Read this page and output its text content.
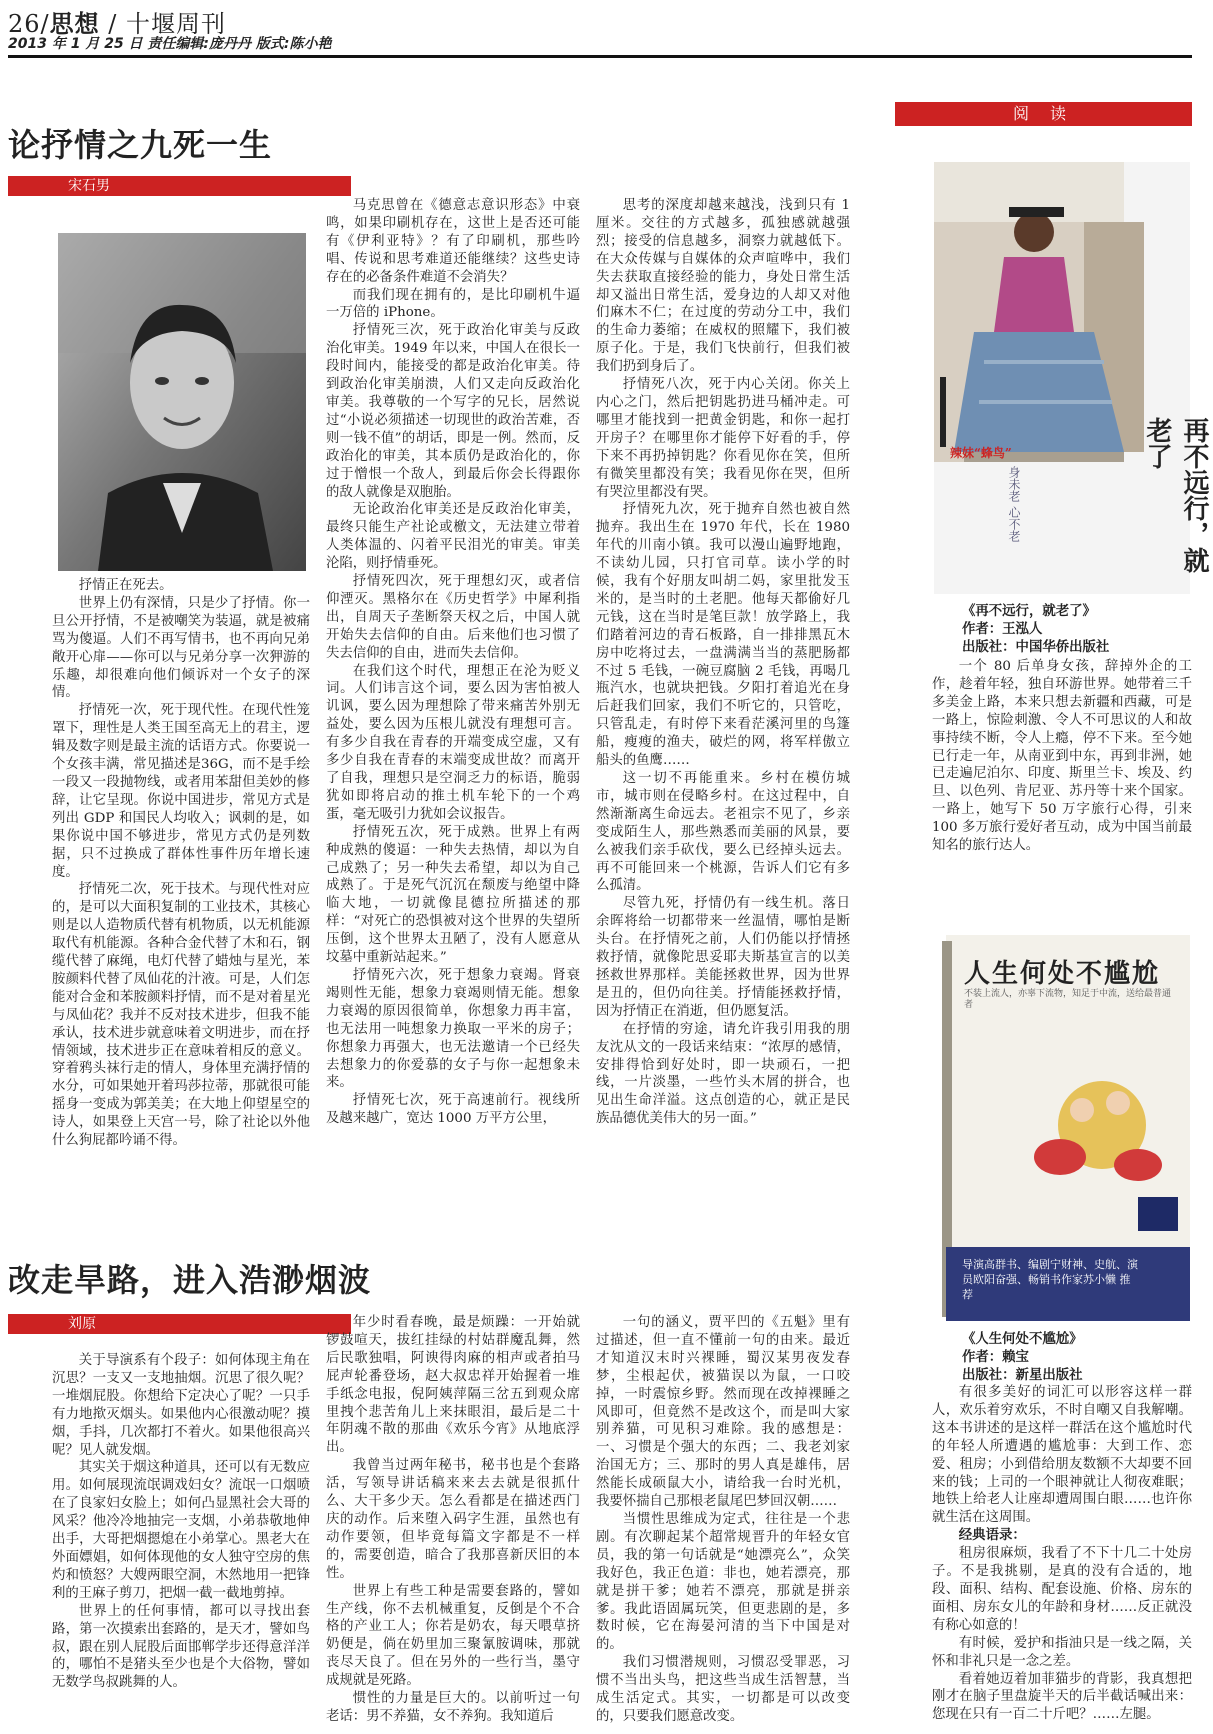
26/思想 / 十堰周刊
2013 年 1 月 25 日 责任编辑:庞丹丹 版式:陈小艳
论抒情之九死一生
宋石男

抒情正在死去。

世界上仍有深情，只是少了抒情。你一旦公开抒情，不是被嘲笑为装逼，就是被痛骂为傻逼。人们不再写情书，也不再向兄弟敞开心扉——你可以与兄弟分享一次狎游的乐趣，却很难向他们倾诉对一个女子的深情。

抒情死一次，死于现代性。在现代性笼罩下，理性是人类王国至高无上的君主，逻辑及数字则是最主流的话语方式。你要说一个女孩丰满，常见描述是36G，而不是手绘一段又一段抛物线，或者用苯甜但美妙的修辞，让它呈现。你说中国进步，常见方式是列出 GDP 和国民人均收入；讽刺的是，如果你说中国不够进步，常见方式仍是列数据，只不过换成了群体性事件历年增长速度。

抒情死二次，死于技术。与现代性对应的，是可以大面积复制的工业技术，其核心则是以人造物质代替有机物质，以无机能源取代有机能源。各种合金代替了木和石，钢缆代替了麻绳，电灯代替了蜡烛与星光，苯胺颜料代替了凤仙花的汁液。可是，人们怎能对合金和苯胺颜料抒情，而不是对着星光与凤仙花？我并不反对技术进步，但我不能承认，技术进步就意味着文明进步，而在抒情领域，技术进步正在意味着相反的意义。穿着鸦头袜行走的情人，身体里充满抒情的水分，可如果她开着玛莎拉蒂，那就很可能摇身一变成为郭美美；在大地上仰望星空的诗人，如果登上天宫一号，除了社论以外他什么狗屁都吟诵不得。

马克思曾在《德意志意识形态》中衰鸣，如果印刷机存在，这世上是否还可能有《伊利亚特》？有了印刷机，那些吟唱、传说和思考难道还能继续？这些史诗存在的必备条件难道不会消失？

而我们现在拥有的，是比印刷机牛逼一万倍的 iPhone。

抒情死三次，死于政治化审美与反政治化审美。1949 年以来，中国人在很长一段时间内，能接受的都是政治化审美。待到政治化审美崩溃，人们又走向反政治化审美。我尊敬的一个写字的兄长，居然说过“小说必须描述一切现世的政治苦难，否则一钱不值”的胡话，即是一例。然而，反政治化的审美，其本质仍是政治化的，你过于憎恨一个敌人，到最后你会长得跟你的敌人就像是双胞胎。

无论政治化审美还是反政治化审美，最终只能生产社论或檄文，无法建立带着人类体温的、闪着平民泪光的审美。审美沦陷，则抒情垂死。

抒情死四次，死于理想幻灭，或者信仰湮灭。黑格尔在《历史哲学》中犀利指出，自周天子垄断祭天权之后，中国人就开始失去信仰的自由。后来他们也习惯了失去信仰的自由，进而失去信仰。

在我们这个时代，理想正在沦为贬义词。人们讳言这个词，要么因为害怕被人讥讽，要么因为理想除了带来痛苦外别无益处，要么因为压根儿就没有理想可言。有多少自我在青春的开端变成空虚，又有多少自我在青春的末端变成世故？而离开了自我，理想只是空洞乏力的标语，脆弱犹如即将启动的推土机车轮下的一个鸡蛋，毫无吸引力犹如会议报告。

抒情死五次，死于成熟。世界上有两种成熟的傻逼：一种失去热情，却以为自己成熟了；另一种失去希望，却以为自己成熟了。于是死气沉沉在颓废与绝望中降临大地，一切就像昆德拉所描述的那样：“对死亡的恐惧被对这个世界的失望所压倒，这个世界太丑陋了，没有人愿意从坟墓中重新站起来。”

抒情死六次，死于想象力衰竭。肾衰竭则性无能，想象力衰竭则情无能。想象力衰竭的原因很简单，你想象力再丰富，也无法用一吨想象力换取一平米的房子；你想象力再强大，也无法邀请一个已经失去想象力的你爱慕的女子与你一起想象未来。

抒情死七次，死于高速前行。视线所及越来越广，宽达 1000 万平方公里，

思考的深度却越来越浅，浅到只有 1 厘米。交往的方式越多，孤独感就越强烈；接受的信息越多，洞察力就越低下。在大众传媒与自媒体的众声喧哗中，我们失去获取直接经验的能力，身处日常生活却又溢出日常生活，爱身边的人却又对他们麻木不仁；在过度的劳动分工中，我们的生命力萎缩；在威权的照耀下，我们被原子化。于是，我们飞快前行，但我们被我们扔到身后了。

抒情死八次，死于内心关闭。你关上内心之门，然后把钥匙扔进马桶冲走。可哪里才能找到一把黄金钥匙，和你一起打开房子？在哪里你才能停下好看的手，停下来不再扔掉钥匙？你看见你在笑，但所有微笑里都没有笑；我看见你在哭，但所有哭泣里都没有哭。

抒情死九次，死于抛弃自然也被自然抛弃。我出生在 1970 年代，长在 1980 年代的川南小镇。我可以漫山遍野地跑，不读幼儿园，只打官司草。读小学的时候，我有个好朋友叫胡二妈，家里批发玉米的，是当时的土老肥。他每天都偷好几元钱，这在当时是笔巨款！放学路上，我们踏着河边的青石板路，自一排排黑瓦木房中吃将过去，一盘满满当当的蒸肥肠都不过 5 毛钱，一碗豆腐脑 2 毛钱，再喝几瓶汽水，也就块把钱。夕阳打着追光在身后赶我们回家，我们不听它的，只管吃，只管乱走，有时停下来看茫溪河里的鸟篷船，瘦瘦的渔夫，破烂的网，将军样傲立船头的鱼鹰……

这一切不再能重来。乡村在模仿城市，城市则在侵略乡村。在这过程中，自然渐渐离生命远去。老祖宗不见了，乡亲变成陌生人，那些熟悉而美丽的风景，要么被我们亲手砍伐，要么已经掉头远去。再不可能回来一个桃源，告诉人们它有多么孤清。

尽管九死，抒情仍有一线生机。落日余晖将给一切都带来一丝温情，哪怕是断头台。在抒情死之前，人们仍能以抒情拯救抒情，就像陀思妥耶夫斯基宣言的以美拯救世界那样。美能拯救世界，因为世界是丑的，但仍向往美。抒情能拯救抒情，因为抒情正在消逝，但仍愿复活。

在抒情的穷途，请允许我引用我的朋友沈从文的一段话来结束：“浓厚的感情，安排得恰到好处时，即一块顽石，一把线，一片淡墨，一些竹头木屑的拼合，也见出生命洋溢。这点创造的心，就正是民族品德优美伟大的另一面。”

改走旱路，进入浩渺烟波
刘原

关于导演系有个段子：如何体现主角在沉思？一支又一支地抽烟。沉思了很久呢？一堆烟屁股。你想给下定决心了呢？一只手有力地揿灭烟头。如果他内心很激动呢？摸烟，手抖，几次都打不着火。如果他很高兴呢？见人就发烟。

其实关于烟这种道具，还可以有无数应用。如何展现流氓调戏妇女？流氓一口烟喷在了良家妇女脸上；如何凸显黑社会大哥的风采？他冷冷地抽完一支烟，小弟恭敬地伸出手，大哥把烟摁熄在小弟掌心。黑老大在外面嫖娼，如何体现他的女人独守空房的焦灼和愤怒？大嫂两眼空洞，木然地用一把锋利的王麻子剪刀，把烟一截一截地剪掉。

世界上的任何事情，都可以寻找出套路，第一次摸索出套路的，是天才，譬如鸟叔，跟在别人屁股后面邯郸学步还得意洋洋的，哪怕不是猪头至少也是个大俗物，譬如无数学鸟叔跳舞的人。

年少时看春晚，最是烦躁：一开始就锣鼓喧天，拔红挂绿的村姑群魔乱舞，然后民歌独唱，阿谀得肉麻的相声或者拍马屁声轮番登场，赵大叔忠祥开始握着一堆手纸念电报，倪阿姨萍隔三岔五到观众席里拽个悲苦角儿上来抹眼泪，最后是二十年阴魂不散的那曲《欢乐今宵》从地底浮出。

我曾当过两年秘书，秘书也是个套路活，写领导讲话稿来来去去就是很抓什么、大干多少天。怎么看都是在描述西门庆的动作。后来堕入码字生涯，虽然也有动作要领，但毕竟每篇文字都是不一样的，需要创造，暗合了我那喜新厌旧的本性。

世界上有些工种是需要套路的，譬如生产线，你不去机械重复，反倒是个不合格的产业工人；你若是奶农，每天喂草挤奶便是，倘在奶里加三聚氰胺调味，那就丧尽天良了。但在另外的一些行当，墨守成规就是死路。

惯性的力量是巨大的。以前听过一句老话：男不养猫，女不养狗。我知道后

一句的涵义，贾平凹的《五魁》里有过描述，但一直不懂前一句的由来。最近才知道汉末时兴裸睡，蜀汉某男夜发春梦，尘根起伏，被猫误以为鼠，一口咬掉，一时震惊乡野。然而现在改掉裸睡之风即可，但竟然不是改这个，而是叫大家别养猫，可见积习难除。我的感想是：一、习惯是个强大的东西；二、我老刘家治国无方；三、那时的男人真是雄伟，居然能长成硕鼠大小，请给我一台时光机，我要怀揣自己那根老鼠尾巴梦回汉朝……

当惯性思维成为定式，往往是一个悲剧。有次聊起某个超常规晋升的年轻女官员，我的第一句话就是“她漂亮么”，众笑我好色，我正色道：非也，她若漂亮，那就是拼干爹；她若不漂亮，那就是拼亲爹。我此语固属玩笑，但更悲剧的是，多数时候，它在海晏河清的当下中国是对的。

我们习惯潜规则，习惯忍受罪恶，习惯不当出头鸟，把这些当成生活智慧，当成生活定式。其实，一切都是可以改变的，只要我们愿意改变。

阅 读
辣妹“蜂鸟”
身未老 心不老	再不远行，就老了
《再不远行，就老了》
作者：王泓人
出版社：中国华侨出版社

一个 80 后单身女孩，辞掉外企的工作，趁着年轻，独自环游世界。她带着三千多美金上路，本来只想去新疆和西藏，可是一路上，惊险刺激、令人不可思议的人和故事持续不断，令人上瘾，停不下来。至今她已行走一年，从南亚到中东，再到非洲，她已走遍尼泊尔、印度、斯里兰卡、埃及、约旦、以色列、肯尼亚、苏丹等十来个国家。一路上，她写下 50 万字旅行心得，引来 100 多万旅行爱好者互动，成为中国当前最知名的旅行达人。

人生何处不尴尬
不装上流人，亦辜下流物，知足于中流，送给最普通者
导演高群书、编剧宁财神、史航、演员欧阳奋强、畅销书作家苏小懒 推荐
《人生何处不尴尬》
作者：赖宝
出版社：新星出版社

有很多美好的词汇可以形容这样一群人，欢乐着穷欢乐，不时自嘲又自我解嘲。这本书讲述的是这样一群活在这个尴尬时代的年轻人所遭遇的尴尬事：大到工作、恋爱、租房；小到借给朋友数额不大却要不回来的钱；上司的一个眼神就让人彻夜难眠；地铁上给老人让座却遭周围白眼……也许你就生活在这周围。

经典语录：

租房很麻烦，我看了不下十几二十处房子。不是我挑剔，是真的没有合适的，地段、面积、结构、配套设施、价格、房东的面相、房东女儿的年龄和身材……反正就没有称心如意的！

有时候，爱护和指油只是一线之隔，关怀和非礼只是一念之差。

看着她迈着加菲猫步的背影，我真想把刚才在脑子里盘旋半天的后半截话喊出来：您现在只有一百二十斤吧？……左腿。
